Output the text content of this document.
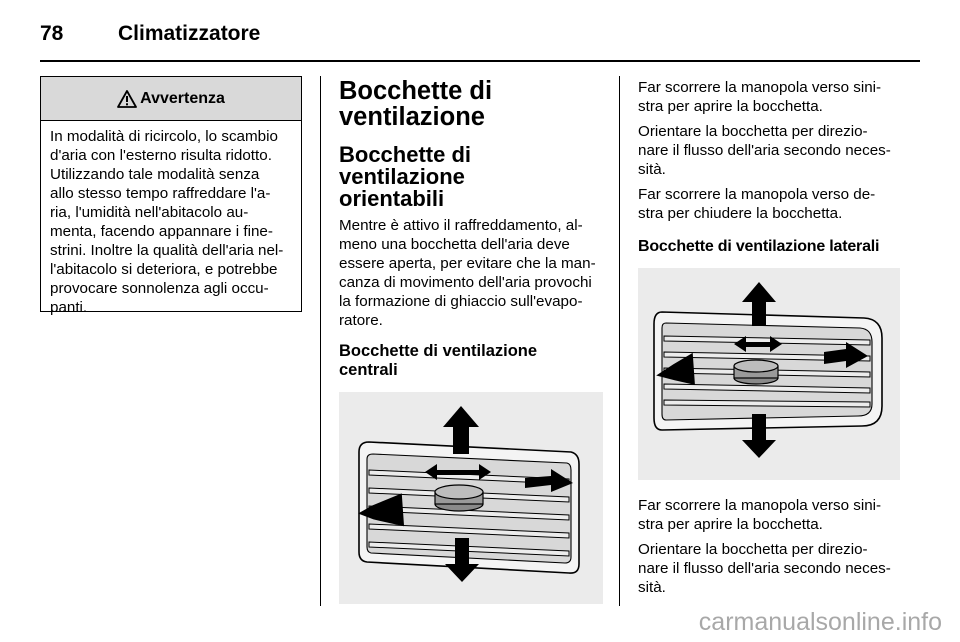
78	Climatizzatore
Avvertenza
In modalità di ricircolo, lo scambio
d'aria con l'esterno risulta ridotto.
Utilizzando tale modalità senza
allo stesso tempo raffreddare l'a-
ria, l'umidità nell'abitacolo au-
menta, facendo appannare i fine-
strini. Inoltre la qualità dell'aria nel-
l'abitacolo si deteriora, e potrebbe
provocare sonnolenza agli occu-
panti.
Bocchette di
ventilazione
Bocchette di ventilazione
orientabili
Mentre è attivo il raffreddamento, al-
meno una bocchetta dell'aria deve
essere aperta, per evitare che la man-
canza di movimento dell'aria provochi
la formazione di ghiaccio sull'evapo-
ratore.
Bocchette di ventilazione
centrali
Far scorrere la manopola verso sini-
stra per aprire la bocchetta.
Orientare la bocchetta per direzio-
nare il flusso dell'aria secondo neces-
sità.
Far scorrere la manopola verso de-
stra per chiudere la bocchetta.
Bocchette di ventilazione laterali
Far scorrere la manopola verso sini-
stra per aprire la bocchetta.
Orientare la bocchetta per direzio-
nare il flusso dell'aria secondo neces-
sità.
carmanualsonline.info
